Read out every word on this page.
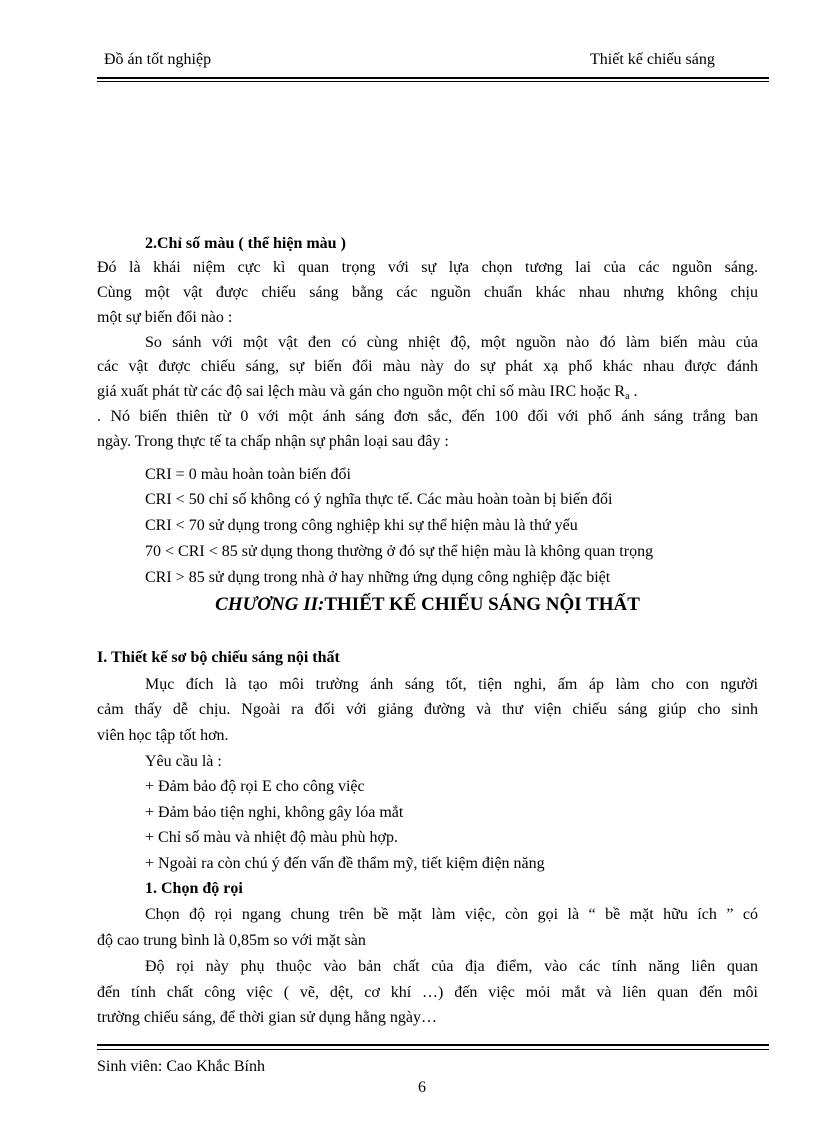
Đồ án tốt nghiệp	Thiết kế chiếu sáng
2.Chỉ số màu ( thể hiện màu )
Đó là khái niệm cực kì quan trọng với sự lựa chọn tương lai của các nguồn sáng.
Cùng một vật được chiếu sáng bằng các nguồn chuẩn khác nhau nhưng không chịu
một sự biến đổi nào :
So sánh với một vật đen có cùng nhiệt độ, một nguồn nào đó làm biến màu của
các vật được chiếu sáng, sự biến đổi màu này do sự phát xạ phổ khác nhau được đánh
giá xuất phát từ các độ sai lệch màu và gán cho nguồn một chỉ số màu IRC hoặc $R_a$ .
. Nó biến thiên từ 0 với một ánh sáng đơn sắc, đến 100 đối với phổ ánh sáng trắng ban
ngày. Trong thực tế ta chấp nhận sự phân loại sau đây :
CRI = 0 màu hoàn toàn biến đổi
CRI < 50 chỉ số không có ý nghĩa thực tế. Các màu hoàn toàn bị biến đổi
CRI < 70 sử dụng trong công nghiệp khi sự thể hiện màu là thứ yếu
70 < CRI < 85 sử dụng thong thường ở đó sự thể hiện màu là không quan trọng
CRI > 85 sử dụng trong nhà ở hay những ứng dụng công nghiệp đặc biệt
CHƯƠNG II:THIẾT KẾ CHIẾU SÁNG NỘI THẤT
I. Thiết kế sơ bộ chiếu sáng nội thất
Mục đích là tạo môi trường ánh sáng tốt, tiện nghi, ấm áp làm cho con người
cảm thấy dễ chịu. Ngoài ra đối với giảng đường và thư viện chiếu sáng giúp cho sinh
viên học tập tốt hơn.
Yêu cầu là :
+ Đảm bảo độ rọi E cho công việc
+ Đảm bảo tiện nghi, không gây lóa mắt
+ Chỉ số màu và nhiệt độ màu phù hợp.
+ Ngoài ra còn chú ý đến vấn đề thẩm mỹ, tiết kiệm điện năng
1. Chọn độ rọi
Chọn độ rọi ngang chung trên bề mặt làm việc, còn gọi là “ bề mặt hữu ích ” có
độ cao trung bình là 0,85m so với mặt sàn
Độ rọi này phụ thuộc vào bản chất của địa điểm, vào các tính năng liên quan
đến tính chất công việc ( vẽ, dệt, cơ khí …) đến việc mỏi mắt và liên quan đến môi
trường chiếu sáng, để thời gian sử dụng hằng ngày…
Sinh viên: Cao Khắc Bính
6
